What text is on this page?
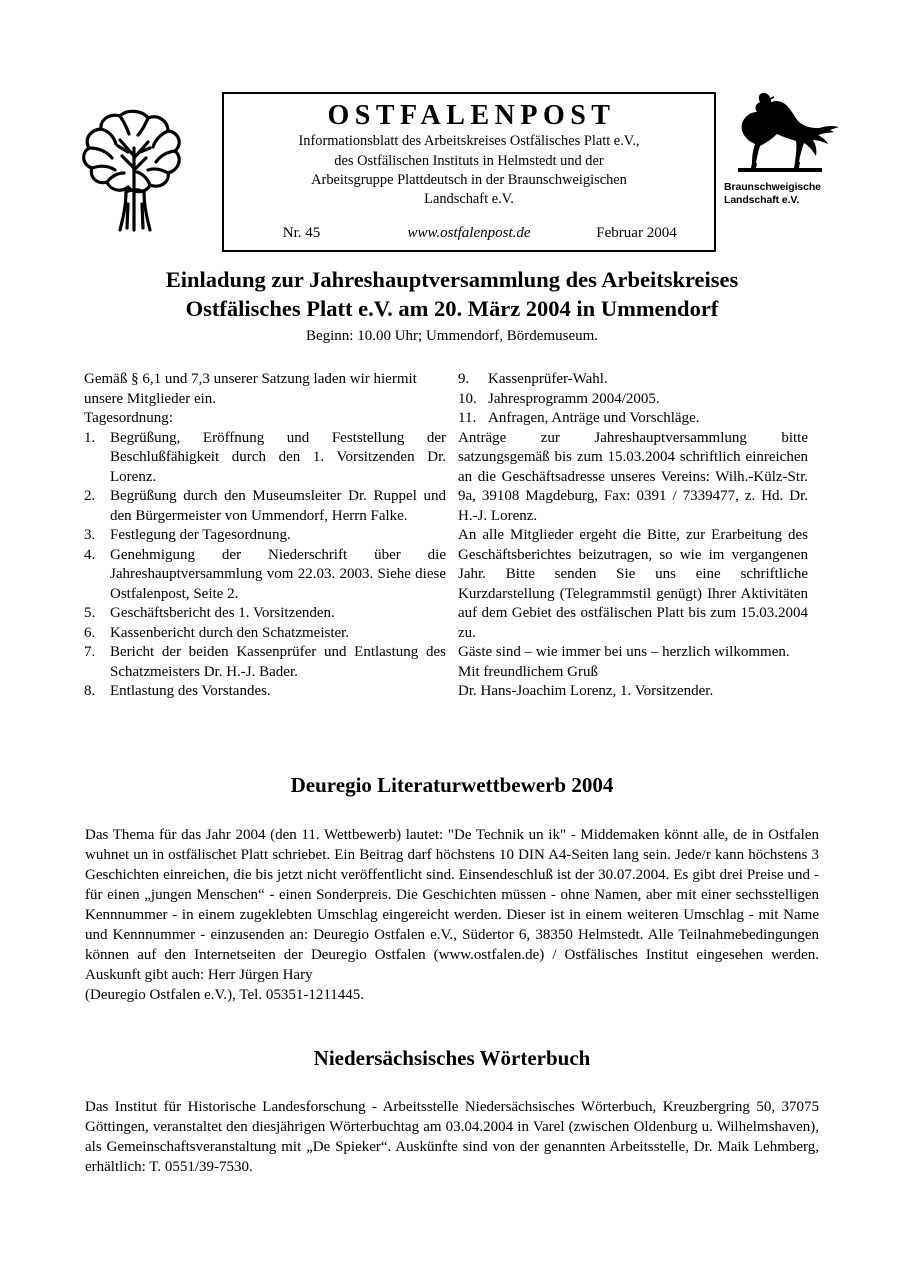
OSTFALENPOST
Informationsblatt des Arbeitskreises Ostfälisches Platt e.V.,
des Ostfälischen Instituts in Helmstedt und der
Arbeitsgruppe Plattdeutsch in der Braunschweigischen
Landschaft e.V.
Nr. 45	www.ostfalenpost.de	Februar 2004
Braunschweigische
Landschaft e.V.
Einladung zur Jahreshauptversammlung des Arbeitskreises
Ostfälisches Platt e.V. am 20. März 2004 in Ummendorf
Beginn: 10.00 Uhr; Ummendorf, Bördemuseum.

Gemäß § 6,1 und 7,3 unserer Satzung laden wir hiermit unsere Mitglieder ein.

Tagesordnung:

1. Begrüßung, Eröffnung und Feststellung der Beschlußfähigkeit durch den 1. Vorsitzenden Dr. Lorenz.
2. Begrüßung durch den Museumsleiter Dr. Ruppel und den Bürgermeister von Ummendorf, Herrn Falke.
3. Festlegung der Tagesordnung.
4. Genehmigung der Niederschrift über die Jahreshauptversammlung vom 22.03. 2003. Siehe diese Ostfalenpost, Seite 2.
5. Geschäftsbericht des 1. Vorsitzenden.
6. Kassenbericht durch den Schatzmeister.
7. Bericht der beiden Kassenprüfer und Entlastung des Schatzmeisters Dr. H.-J. Bader.
8. Entlastung des Vorstandes.
9. Kassenprüfer-Wahl.
10. Jahresprogramm 2004/2005.
11. Anfragen, Anträge und Vorschläge.

Anträge zur Jahreshauptversammlung bitte satzungsgemäß bis zum 15.03.2004 schriftlich einreichen an die Geschäftsadresse unseres Vereins: Wilh.-Külz-Str. 9a, 39108 Magdeburg, Fax: 0391 / 7339477, z. Hd. Dr. H.-J. Lorenz.

An alle Mitglieder ergeht die Bitte, zur Erarbeitung des Geschäftsberichtes beizutragen, so wie im vergangenen Jahr. Bitte senden Sie uns eine schriftliche Kurzdarstellung (Telegrammstil genügt) Ihrer Aktivitäten auf dem Gebiet des ostfälischen Platt bis zum 15.03.2004 zu.

Gäste sind – wie immer bei uns – herzlich wilkommen.

Mit freundlichem Gruß

Dr. Hans-Joachim Lorenz, 1. Vorsitzender.

Deuregio Literaturwettbewerb 2004

Das Thema für das Jahr 2004 (den 11. Wettbewerb) lautet: "De Technik un ik" - Middemaken könnt alle, de in Ostfalen wuhnet un in ostfälischet Platt schriebet. Ein Beitrag darf höchstens 10 DIN A4-Seiten lang sein. Jede/r kann höchstens 3 Geschichten einreichen, die bis jetzt nicht veröffentlicht sind. Einsendeschluß ist der 30.07.2004. Es gibt drei Preise und - für einen „jungen Menschen“ - einen Sonderpreis. Die Geschichten müssen - ohne Namen, aber mit einer sechsstelligen Kennnummer - in einem zugeklebten Umschlag eingereicht werden. Dieser ist in einem weiteren Umschlag - mit Name und Kennnummer - einzusenden an: Deuregio Ostfalen e.V., Südertor 6, 38350 Helmstedt. Alle Teilnahmebedingungen können auf den Internetseiten der Deuregio Ostfalen (www.ostfalen.de) / Ostfälisches Institut eingesehen werden. Auskunft gibt auch: Herr Jürgen Hary
(Deuregio Ostfalen e.V.), Tel. 05351-1211445.

Niedersächsisches Wörterbuch

Das Institut für Historische Landesforschung - Arbeitsstelle Niedersächsisches Wörterbuch, Kreuzbergring 50, 37075 Göttingen, veranstaltet den diesjährigen Wörterbuchtag am 03.04.2004 in Varel (zwischen Oldenburg u. Wilhelmshaven), als Gemeinschaftsveranstaltung mit „De Spieker“. Auskünfte sind von der genannten Arbeitsstelle, Dr. Maik Lehmberg, erhältlich: T. 0551/39-7530.
